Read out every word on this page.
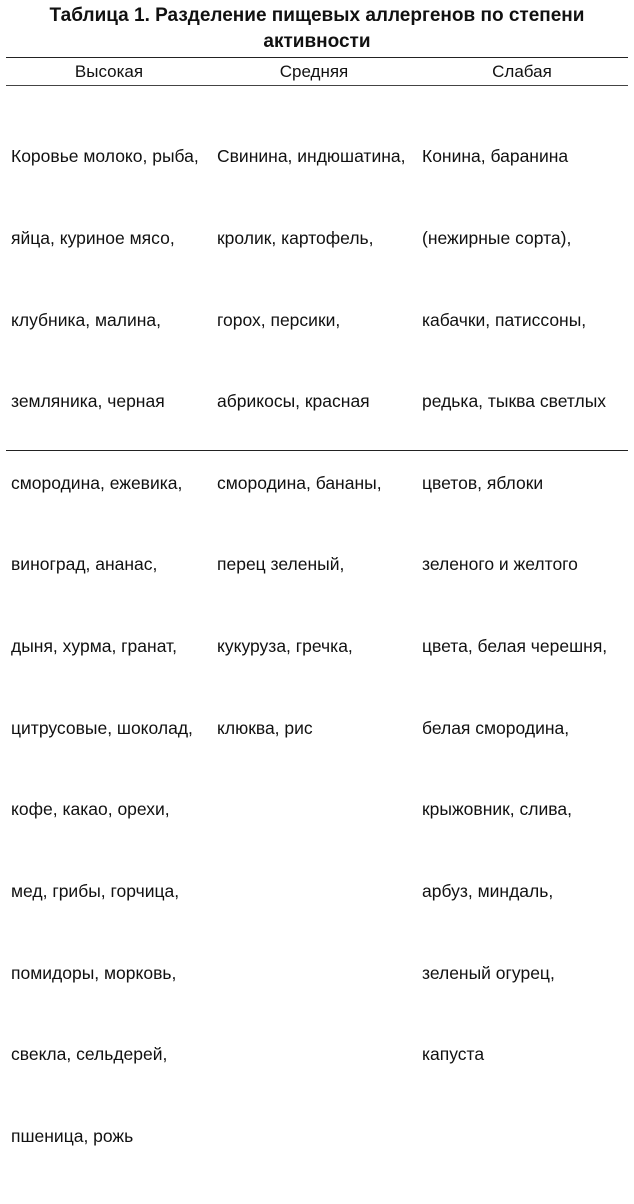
Таблица 1. Разделение пищевых аллергенов по степени
активности
Высокая	Средняя	Слабая

Коровье молоко, рыба,

яйца, куриное мясо,

клубника, малина,

земляника, черная

смородина, ежевика,

виноград, ананас,

дыня, хурма, гранат,

цитрусовые, шоколад,

кофе, какао, орехи,

мед, грибы, горчица,

помидоры, морковь,

свекла, сельдерей,

пшеница, рожь

Свинина, индюшатина,

кролик, картофель,

горох, персики,

абрикосы, красная

смородина, бананы,

перец зеленый,

кукуруза, гречка,

клюква, рис

Конина, баранина

(нежирные сорта),

кабачки, патиссоны,

редька, тыква светлых

цветов, яблоки

зеленого и желтого

цвета, белая черешня,

белая смородина,

крыжовник, слива,

арбуз, миндаль,

зеленый огурец,

капуста
